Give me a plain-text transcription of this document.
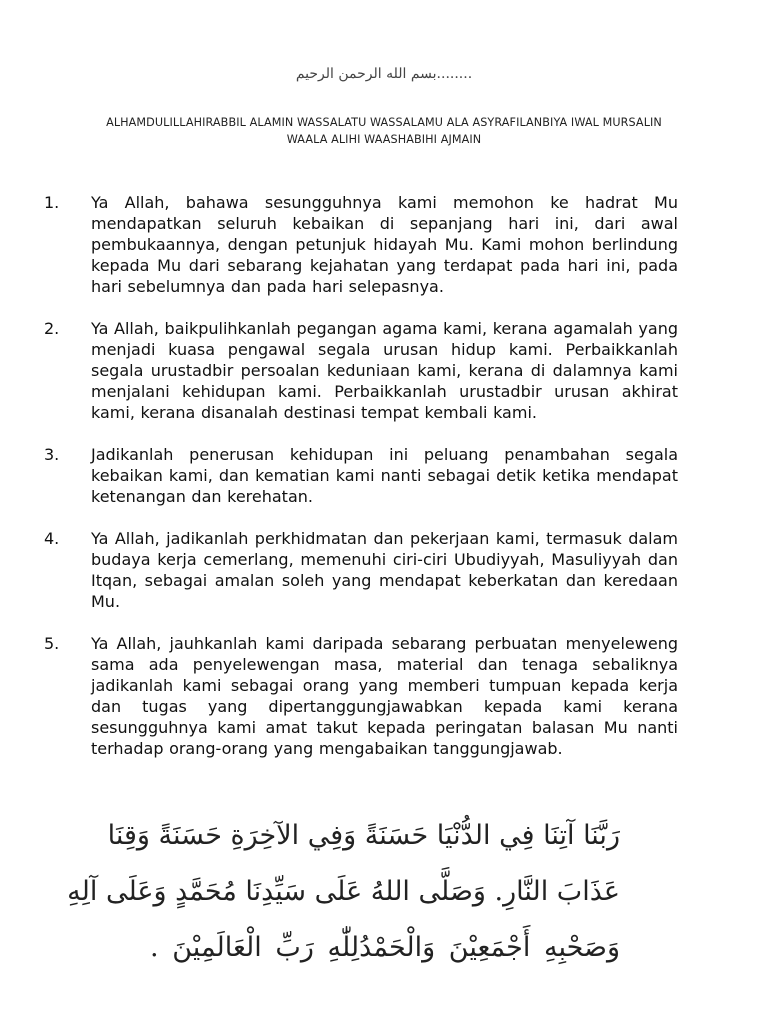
بسم الله الرحمن الرحيم........
ALHAMDULILLAHIRABBIL ALAMIN WASSALATU WASSALAMU ALA ASYRAFILANBIYA IWAL MURSALIN
WAALA ALIHI WAASHABIHI AJMAIN
1. Ya Allah, bahawa sesungguhnya kami memohon ke hadrat Mu mendapatkan seluruh kebaikan di sepanjang hari ini, dari awal pembukaannya, dengan petunjuk hidayah Mu. Kami mohon berlindung kepada Mu dari sebarang kejahatan yang terdapat pada hari ini, pada hari sebelumnya dan pada hari selepasnya.
2. Ya Allah, baikpulihkanlah pegangan agama kami, kerana agamalah yang menjadi kuasa pengawal segala urusan hidup kami. Perbaikkanlah segala urustadbir persoalan keduniaan kami, kerana di dalamnya kami menjalani kehidupan kami. Perbaikkanlah urustadbir urusan akhirat kami, kerana disanalah destinasi tempat kembali kami.
3. Jadikanlah penerusan kehidupan ini peluang penambahan segala kebaikan kami, dan kematian kami nanti sebagai detik ketika mendapat ketenangan dan kerehatan.
4. Ya Allah, jadikanlah perkhidmatan dan pekerjaan kami, termasuk dalam budaya kerja cemerlang, memenuhi ciri-ciri Ubudiyyah, Masuliyyah dan Itqan, sebagai amalan soleh yang mendapat keberkatan dan keredaan Mu.
5. Ya Allah, jauhkanlah kami daripada sebarang perbuatan menyeleweng sama ada penyelewengan masa, material dan tenaga sebaliknya jadikanlah kami sebagai orang yang memberi tumpuan kepada kerja dan tugas yang dipertanggungjawabkan kepada kami kerana sesungguhnya kami amat takut kepada peringatan balasan Mu nanti terhadap orang-orang yang mengabaikan tanggungjawab.
رَبَّنَا آتِنَا فِي الدُّنْيَا حَسَنَةً وَفِي الآخِرَةِ حَسَنَةً وَقِنَا
عَذَابَ النَّارِ. وَصَلَّى اللهُ عَلَى سَيِّدِنَا مُحَمَّدٍ وَعَلَى آلِهِ
وَصَحْبِهِ أَجْمَعِيْنَ وَالْحَمْدُلِلّٰهِ رَبِّ الْعَالَمِيْنَ .
